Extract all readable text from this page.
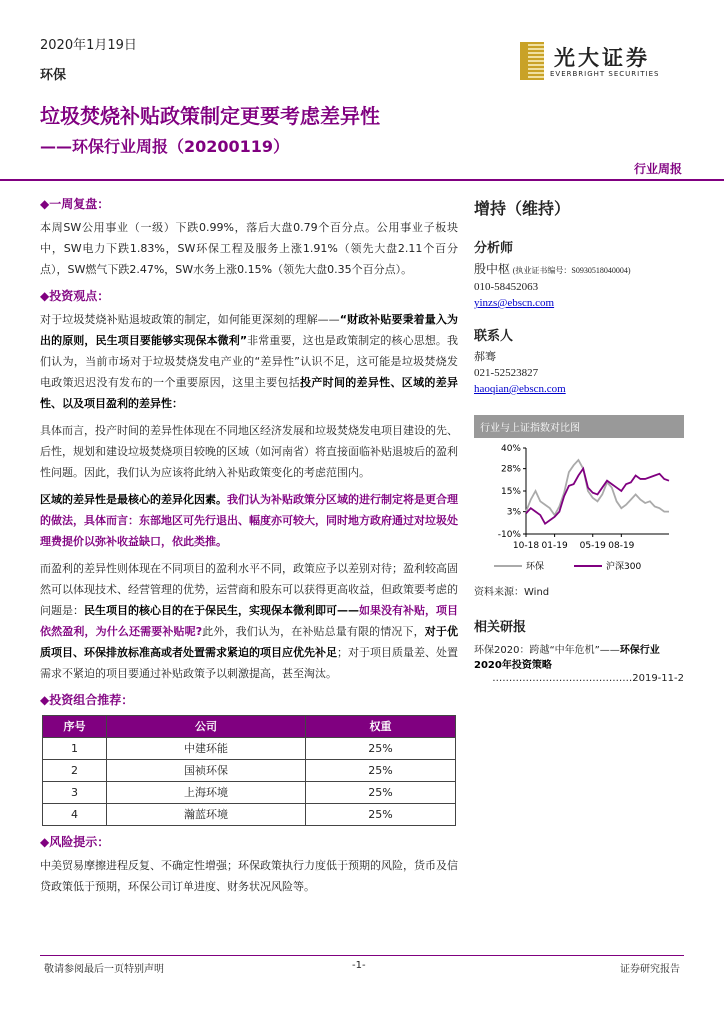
2020年1月19日
环保
垃圾焚烧补贴政策制定更要考虑差异性
——环保行业周报（20200119）
光大证券
EVERBRIGHT SECURITIES
行业周报
◆一周复盘：
本周SW公用事业（一级）下跌0.99%，落后大盘0.79个百分点。公用事业子板块中，SW电力下跌1.83%，SW环保工程及服务上涨1.91%（领先大盘2.11个百分点），SW燃气下跌2.47%，SW水务上涨0.15%（领先大盘0.35个百分点）。
◆投资观点：
对于垃圾焚烧补贴退坡政策的制定，如何能更深刻的理解——“财政补贴要秉着量入为出的原则，民生项目要能够实现保本微利”非常重要，这也是政策制定的核心思想。我们认为，当前市场对于垃圾焚烧发电产业的“差异性”认识不足，这可能是垃圾焚烧发电政策迟迟没有发布的一个重要原因，这里主要包括投产时间的差异性、区域的差异性、以及项目盈利的差异性：
具体而言，投产时间的差异性体现在不同地区经济发展和垃圾焚烧发电项目建设的先、后性，规划和建设垃圾焚烧项目较晚的区域（如河南省）将直接面临补贴退坡后的盈利性问题。因此，我们认为应该将此纳入补贴政策变化的考虑范围内。
区域的差异性是最核心的差异化因素。我们认为补贴政策分区域的进行制定将是更合理的做法，具体而言：东部地区可先行退出、幅度亦可较大，同时地方政府通过对垃圾处理费提价以弥补收益缺口，依此类推。
而盈利的差异性则体现在不同项目的盈利水平不同，政策应予以差别对待；盈利较高固然可以体现技术、经营管理的优势，运营商和股东可以获得更高收益，但政策要考虑的问题是：民生项目的核心目的在于保民生，实现保本微利即可——如果没有补贴，项目依然盈利，为什么还需要补贴呢?此外，我们认为，在补贴总量有限的情况下，对于优质项目、环保排放标准高或者处置需求紧迫的项目应优先补足；对于项目质量差、处置需求不紧迫的项目要通过补贴政策予以刺激提高，甚至淘汰。
◆投资组合推荐：
序号	公司	权重
1	中建环能	25%
2	国祯环保	25%
3	上海环境	25%
4	瀚蓝环境	25%
◆风险提示：
中美贸易摩擦进程反复、不确定性增强；环保政策执行力度低于预期的风险，货币及信贷政策低于预期，环保公司订单进度、财务状况风险等。
增持（维持）
分析师
殷中枢 (执业证书编号：S0930518040004)
010-58452063
yinzs@ebscn.com
联系人
郝骞
021-52523827
haoqian@ebscn.com
行业与上证指数对比图
40%
28%
15%
3%
-10%
10-18 01-19 05-19 08-19
环保	沪深300
资料来源：Wind
相关研报
环保2020：跨越“中年危机”——环保行业2020年投资策略
……………………………………2019-11-2
敬请参阅最后一页特别声明	-1-	证券研究报告
